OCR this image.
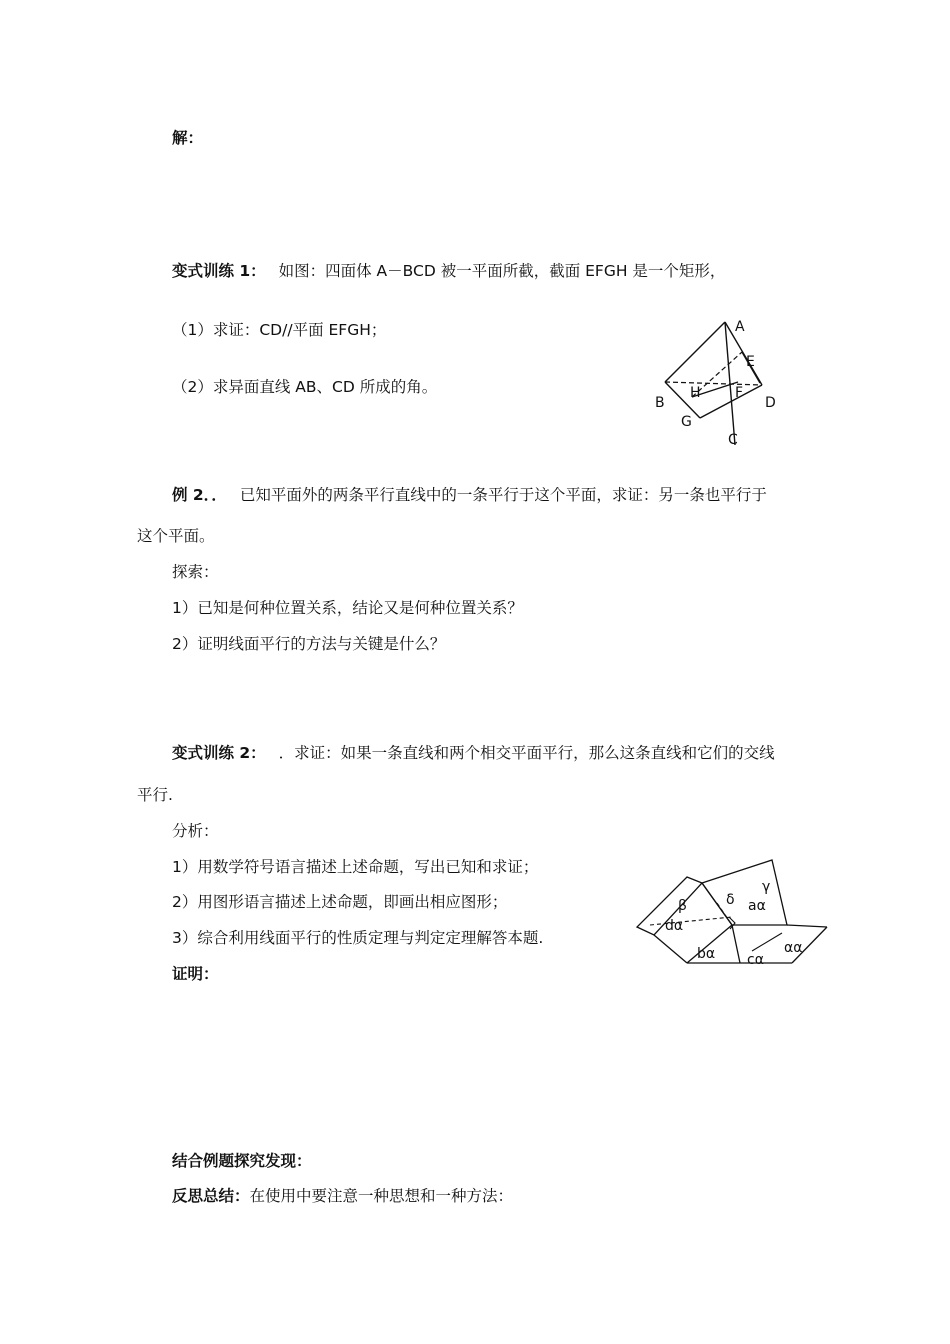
解：
变式训练 1： 如图：四面体 A－BCD 被一平面所截，截面 EFGH 是一个矩形，
（1）求证：CD//平面 EFGH；
（2）求异面直线 AB、CD 所成的角。
A
E
H F
B	D
G
C
例 2．． 已知平面外的两条平行直线中的一条平行于这个平面，求证：另一条也平行于
这个平面。
探索：
1）已知是何种位置关系，结论又是何种位置关系？
2）证明线面平行的方法与关键是什么？
变式训练 2： ．求证：如果一条直线和两个相交平面平行，那么这条直线和它们的交线
平行.
分析：
1）用数学符号语言描述上述命题，写出已知和求证；
2）用图形语言描述上述命题，即画出相应图形；
3）综合利用线面平行的性质定理与判定定理解答本题.
证明：
β	δ
γ
aα
dα
bα cα
αα
结合例题探究发现：
反思总结：在使用中要注意一种思想和一种方法：
